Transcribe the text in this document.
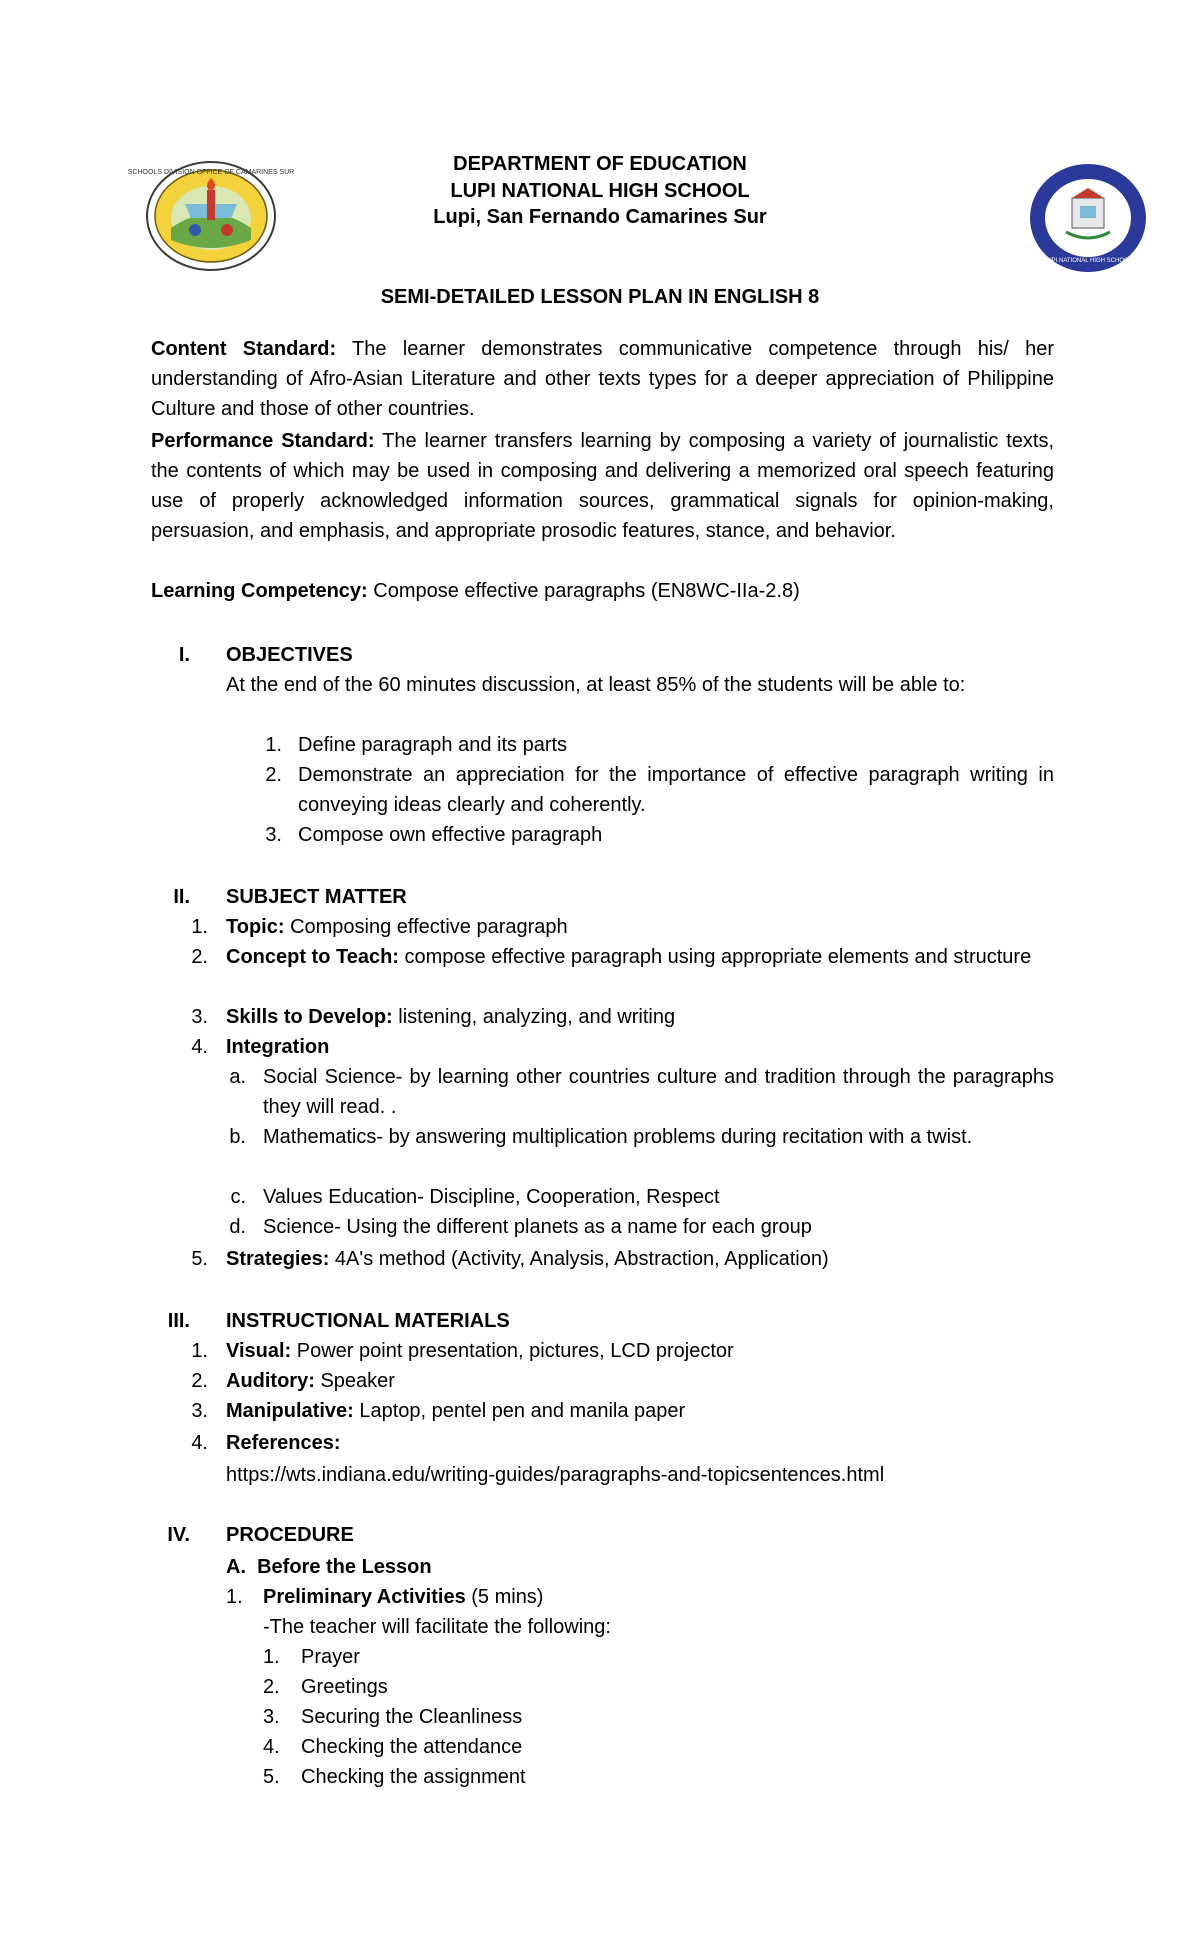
SCHOOLS DIVISION OFFICE OF CAMARINES SUR
LUPI NATIONAL HIGH SCHOOL
DEPARTMENT OF EDUCATION
LUPI NATIONAL HIGH SCHOOL
Lupi, San Fernando Camarines Sur
SEMI-DETAILED LESSON PLAN IN ENGLISH 8
Content Standard: The learner demonstrates communicative competence through his/ her understanding of Afro-Asian Literature and other texts types for a deeper appreciation of Philippine Culture and those of other countries.
Performance Standard: The learner transfers learning by composing a variety of journalistic texts, the contents of which may be used in composing and delivering a memorized oral speech featuring use of properly acknowledged information sources, grammatical signals for opinion-making, persuasion, and emphasis, and appropriate prosodic features, stance, and behavior.
Learning Competency: Compose effective paragraphs (EN8WC-IIa-2.8)
I. OBJECTIVES
At the end of the 60 minutes discussion, at least 85% of the students will be able to:
1. Define paragraph and its parts
2. Demonstrate an appreciation for the importance of effective paragraph writing in conveying ideas clearly and coherently.
3. Compose own effective paragraph
II. SUBJECT MATTER
1. Topic: Composing effective paragraph
2. Concept to Teach: compose effective paragraph using appropriate elements and structure
3. Skills to Develop: listening, analyzing, and writing
4. Integration
a. Social Science- by learning other countries culture and tradition through the paragraphs they will read. .
b. Mathematics- by answering multiplication problems during recitation with a twist.
c. Values Education- Discipline, Cooperation, Respect
d. Science- Using the different planets as a name for each group
5. Strategies: 4A's method (Activity, Analysis, Abstraction, Application)
III. INSTRUCTIONAL MATERIALS
1. Visual: Power point presentation, pictures, LCD projector
2. Auditory: Speaker
3. Manipulative: Laptop, pentel pen and manila paper
4. References:
https://wts.indiana.edu/writing-guides/paragraphs-and-topicsentences.html
IV. PROCEDURE
A.  Before the Lesson
1. Preliminary Activities (5 mins)
-The teacher will facilitate the following:
1. Prayer
2. Greetings
3. Securing the Cleanliness
4. Checking the attendance
5. Checking the assignment
